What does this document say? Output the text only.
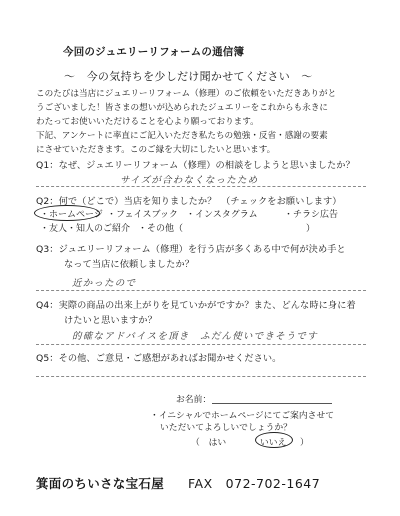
今回のジュエリーリフォームの通信簿
～　今の気持ちを少しだけ聞かせてください　～
このたびは当店にジュエリーリフォーム（修理）のご依頼をいただきありがと
うございました！皆さまの想いが込められたジュエリーをこれからも永きに
わたってお使いいただけることを心より願っております。
下記、アンケートに率直にご記入いただき私たちの勉強・反省・感謝の要素
にさせていただきます。このご縁を大切にしたいと思います。
Q1：なぜ、ジュエリーリフォーム（修理）の相談をしようと思いましたか？
サイズが合わなくなったため
Q2：何で（どこで）当店を知りましたか？　（チェックをお願いします）
・ホームページ ・フェイスブック ・インスタグラム	・チラシ広告
・友人・知人のご紹介 ・その他（	）
Q3：ジュエリーリフォーム（修理）を行う店が多くある中で何が決め手と
なって当店に依頼しましたか？
近かったので
Q4：実際の商品の出来上がりを見ていかがですか？また、どんな時に身に着
けたいと思いますか？
的確なアドバイスを頂き　ふだん使いできそうです
Q5：その他、ご意見・ご感想があればお聞かせください。
お名前：
・イニシャルでホームページにてご案内させて
いただいてよろしいでしょうか？
（　はい	いいえ ）
箕面のちいさな宝石屋 FAX　072-702-1647
